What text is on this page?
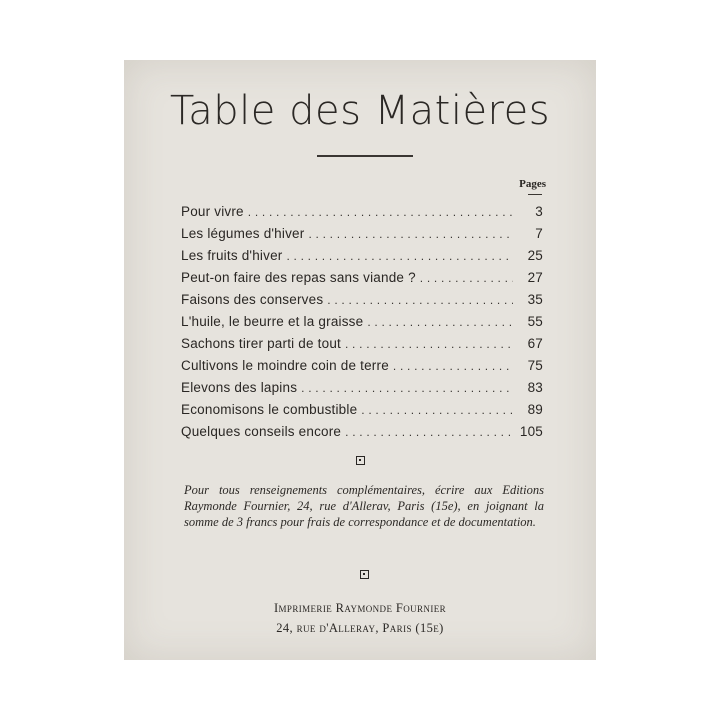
Table des Matières
Pages
Pour vivre . . .	3
Les légumes d'hiver . . .	7
Les fruits d'hiver . . .	25
Peut-on faire des repas sans viande ? . . .	27
Faisons des conserves . . .	35
L'huile, le beurre et la graisse . . .	55
Sachons tirer parti de tout . . .	67
Cultivons le moindre coin de terre . . .	75
Elevons des lapins . . .	83
Economisons le combustible . . .	89
Quelques conseils encore . . .	105
Pour tous renseignements complémentaires, écrire aux Editions Raymonde Fournier, 24, rue d'Allerav, Paris (15e), en joignant la somme de 3 francs pour frais de correspondance et de documentation.
Imprimerie Raymonde Fournier
24, rue d'Alleray, Paris (15e)
